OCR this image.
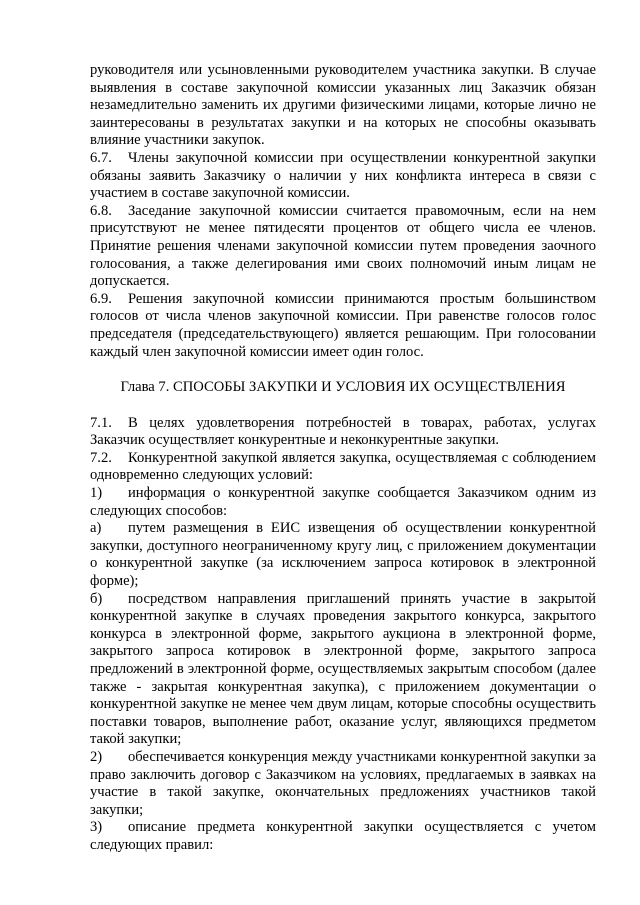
руководителя или усыновленными руководителем участника закупки. В случае выявления в составе закупочной комиссии указанных лиц Заказчик обязан незамедлительно заменить их другими физическими лицами, которые лично не заинтересованы в результатах закупки и на которых не способны оказывать влияние участники закупок.

6.7. Члены закупочной комиссии при осуществлении конкурентной закупки обязаны заявить Заказчику о наличии у них конфликта интереса в связи с участием в составе закупочной комиссии.

6.8. Заседание закупочной комиссии считается правомочным, если на нем присутствуют не менее пятидесяти процентов от общего числа ее членов. Принятие решения членами закупочной комиссии путем проведения заочного голосования, а также делегирования ими своих полномочий иным лицам не допускается.

6.9. Решения закупочной комиссии принимаются простым большинством голосов от числа членов закупочной комиссии. При равенстве голосов голос председателя (председательствующего) является решающим. При голосовании каждый член закупочной комиссии имеет один голос.

Глава 7. СПОСОБЫ ЗАКУПКИ И УСЛОВИЯ ИХ ОСУЩЕСТВЛЕНИЯ

7.1. В целях удовлетворения потребностей в товарах, работах, услугах Заказчик осуществляет конкурентные и неконкурентные закупки.

7.2. Конкурентной закупкой является закупка, осуществляемая с соблюдением одновременно следующих условий:

1) информация о конкурентной закупке сообщается Заказчиком одним из следующих способов:

а) путем размещения в ЕИС извещения об осуществлении конкурентной закупки, доступного неограниченному кругу лиц, с приложением документации о конкурентной закупке (за исключением запроса котировок в электронной форме);

б) посредством направления приглашений принять участие в закрытой конкурентной закупке в случаях проведения закрытого конкурса, закрытого конкурса в электронной форме, закрытого аукциона в электронной форме, закрытого запроса котировок в электронной форме, закрытого запроса предложений в электронной форме, осуществляемых закрытым способом (далее также - закрытая конкурентная закупка), с приложением документации о конкурентной закупке не менее чем двум лицам, которые способны осуществить поставки товаров, выполнение работ, оказание услуг, являющихся предметом такой закупки;

2) обеспечивается конкуренция между участниками конкурентной закупки за право заключить договор с Заказчиком на условиях, предлагаемых в заявках на участие в такой закупке, окончательных предложениях участников такой закупки;

3) описание предмета конкурентной закупки осуществляется с учетом следующих правил:
